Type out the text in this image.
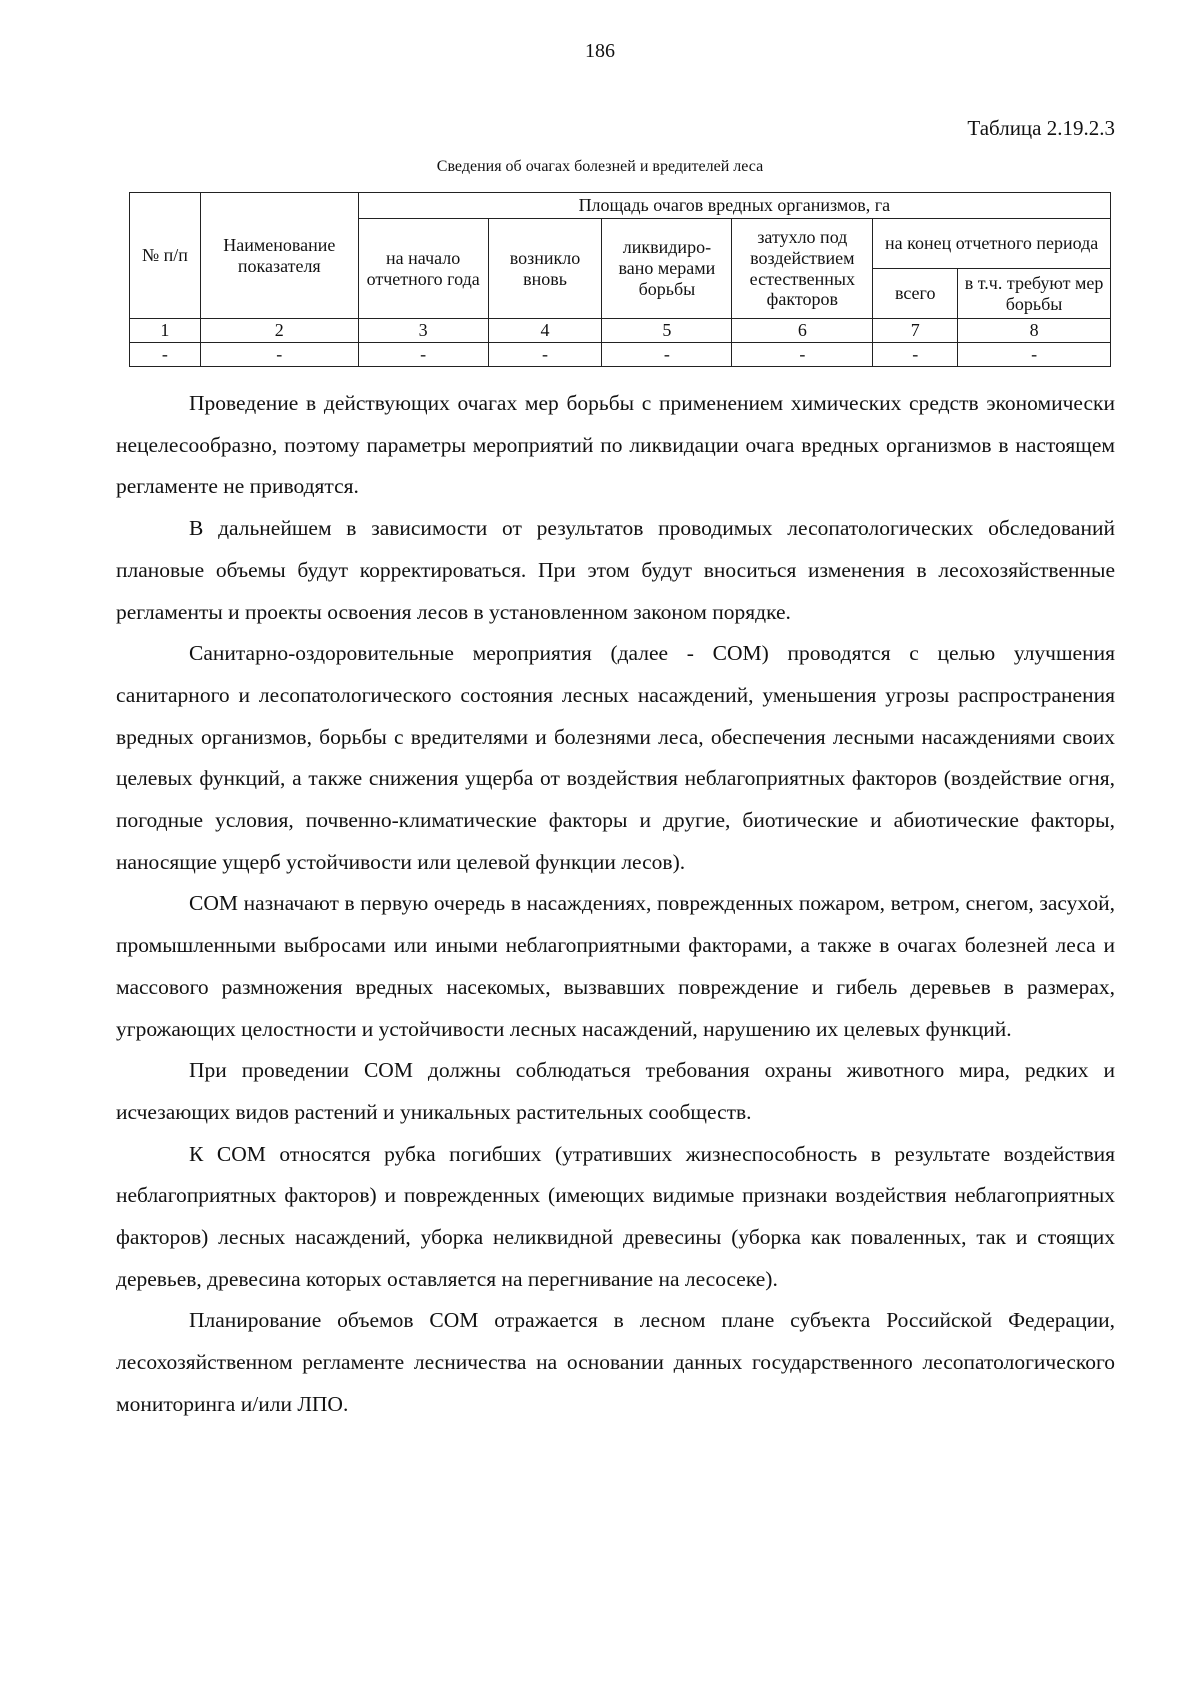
186
Таблица 2.19.2.3
Сведения об очагах болезней и вредителей леса
№ п/п	Наименование показателя	Площадь очагов вредных организмов, га					
		на начало отчетного года	возникло вновь	ликвидиро-вано мерами борьбы	затухло под воздействием естественных факторов	на конец отчетного периода	

						всего	в т.ч. требуют мер борьбы
1	2	3	4	5	6	7	8
-	-	-	-	-	-	-	-

Проведение в действующих очагах мер борьбы с применением химических средств экономически нецелесообразно, поэтому параметры мероприятий по ликвидации очага вредных организмов в настоящем регламенте не приводятся.

В дальнейшем в зависимости от результатов проводимых лесопатологических обследований плановые объемы будут корректироваться. При этом будут вноситься изменения в лесохозяйственные регламенты и проекты освоения лесов в установленном законом порядке.

Санитарно-оздоровительные мероприятия (далее - СОМ) проводятся с целью улучшения санитарного и лесопатологического состояния лесных насаждений, уменьшения угрозы распространения вредных организмов, борьбы с вредителями и болезнями леса, обеспечения лесными насаждениями своих целевых функций, а также снижения ущерба от воздействия неблагоприятных факторов (воздействие огня, погодные условия, почвенно-климатические факторы и другие, биотические и абиотические факторы, наносящие ущерб устойчивости или целевой функции лесов).

СОМ назначают в первую очередь в насаждениях, поврежденных пожаром, ветром, снегом, засухой, промышленными выбросами или иными неблагоприятными факторами, а также в очагах болезней леса и массового размножения вредных насекомых, вызвавших повреждение и гибель деревьев в размерах, угрожающих целостности и устойчивости лесных насаждений, нарушению их целевых функций.

При проведении СОМ должны соблюдаться требования охраны животного мира, редких и исчезающих видов растений и уникальных растительных сообществ.

К СОМ относятся рубка погибших (утративших жизнеспособность в результате воздействия неблагоприятных факторов) и поврежденных (имеющих видимые признаки воздействия неблагоприятных факторов) лесных насаждений, уборка неликвидной древесины (уборка как поваленных, так и стоящих деревьев, древесина которых оставляется на перегнивание на лесосеке).

Планирование объемов СОМ отражается в лесном плане субъекта Российской Федерации, лесохозяйственном регламенте лесничества на основании данных государственного лесопатологического мониторинга и/или ЛПО.
